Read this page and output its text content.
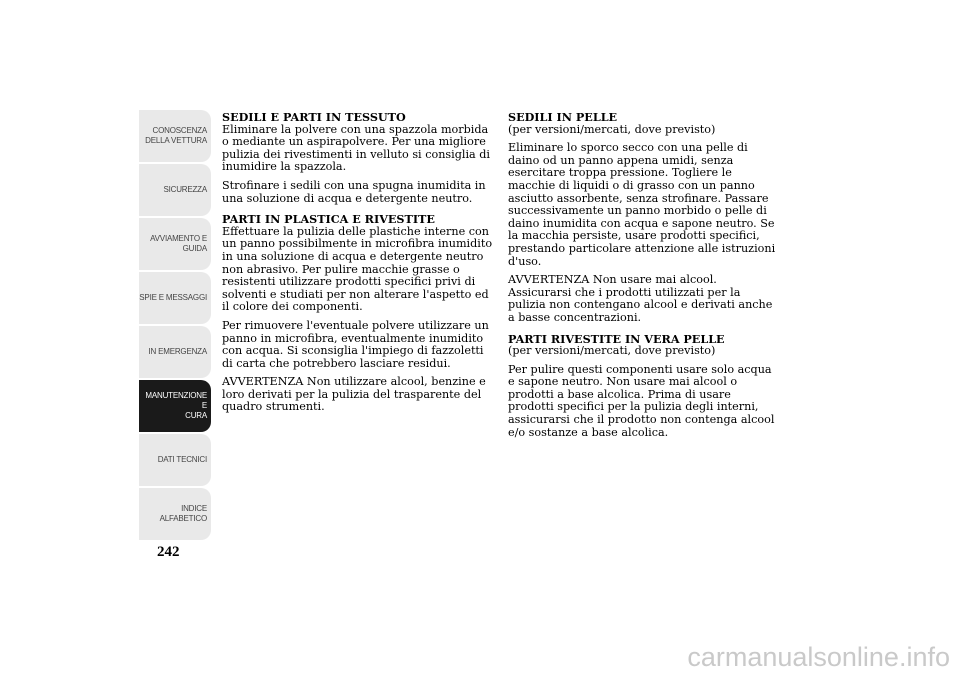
CONOSCENZA
DELLA VETTURA
SICUREZZA
AVVIAMENTO E
GUIDA
SPIE E MESSAGGI
IN EMERGENZA
MANUTENZIONE E
CURA
DATI TECNICI
INDICE
ALFABETICO
242
SEDILI E PARTI IN TESSUTO

Eliminare la polvere con una spazzola morbida o mediante un aspirapolvere. Per una migliore pulizia dei rivestimenti in velluto si consiglia di inumidire la spazzola.

Strofinare i sedili con una spugna inumidita in una soluzione di acqua e detergente neutro.

PARTI IN PLASTICA E RIVESTITE

Effettuare la pulizia delle plastiche interne con un panno possibilmente in microfibra inumidito in una soluzione di acqua e detergente neutro non abrasivo. Per pulire macchie grasse o resistenti utilizzare prodotti specifici privi di solventi e studiati per non alterare l'aspetto ed il colore dei componenti.

Per rimuovere l'eventuale polvere utilizzare un panno in microfibra, eventualmente inumidito con acqua. Si sconsiglia l'impiego di fazzoletti di carta che potrebbero lasciare residui.

AVVERTENZA Non utilizzare alcool, benzine e loro derivati per la pulizia del trasparente del quadro strumenti.

SEDILI IN PELLE

(per versioni/mercati, dove previsto)

Eliminare lo sporco secco con una pelle di daino od un panno appena umidi, senza esercitare troppa pressione. Togliere le macchie di liquidi o di grasso con un panno asciutto assorbente, senza strofinare. Passare successivamente un panno morbido o pelle di daino inumidita con acqua e sapone neutro. Se la macchia persiste, usare prodotti specifici, prestando particolare attenzione alle istruzioni d'uso.

AVVERTENZA Non usare mai alcool. Assicurarsi che i prodotti utilizzati per la pulizia non contengano alcool e derivati anche a basse concentrazioni.

PARTI RIVESTITE IN VERA PELLE

(per versioni/mercati, dove previsto)

Per pulire questi componenti usare solo acqua e sapone neutro. Non usare mai alcool o prodotti a base alcolica. Prima di usare prodotti specifici per la pulizia degli interni, assicurarsi che il prodotto non contenga alcool e/o sostanze a base alcolica.

carmanualsonline.info
